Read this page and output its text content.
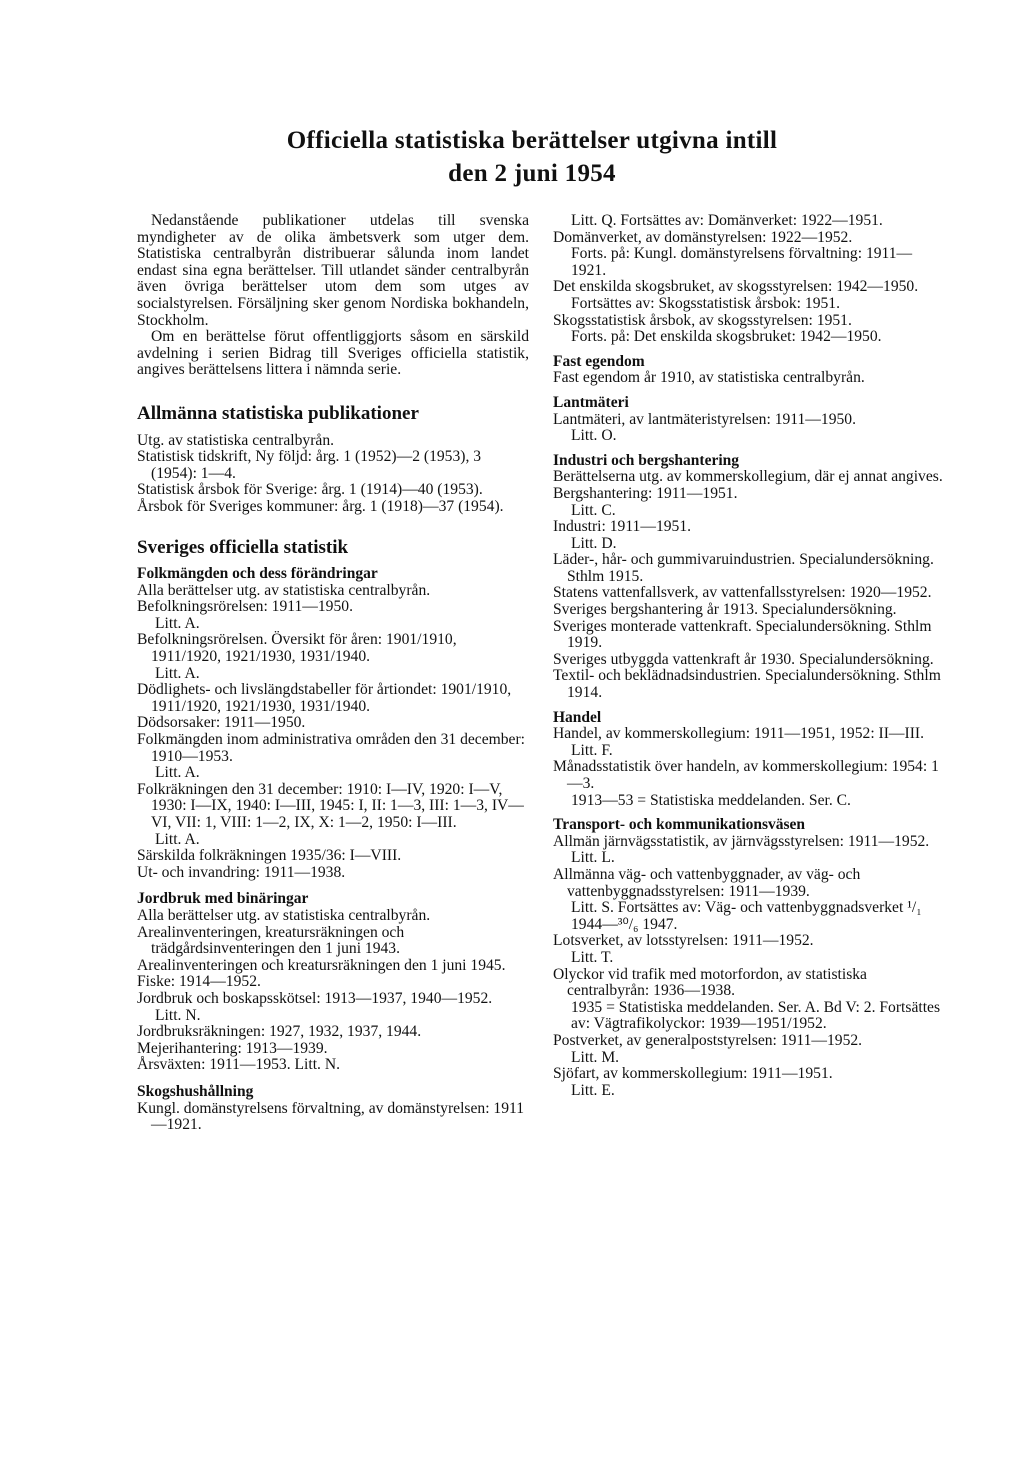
Officiella statistiska berättelser utgivna intill
den 2 juni 1954

Nedanstående publikationer utdelas till svenska myndigheter av de olika ämbetsverk som utger dem. Statistiska centralbyrån distribuerar sålunda inom landet endast sina egna berättelser. Till utlandet sänder centralbyrån även övriga berättelser utom dem som utges av socialstyrelsen. Försäljning sker genom Nordiska bokhandeln, Stockholm.

Om en berättelse förut offentliggjorts såsom en särskild avdelning i serien Bidrag till Sveriges officiella statistik, angives berättelsens littera i nämnda serie.

Allmänna statistiska publikationer

Utg. av statistiska centralbyrån.

Statistisk tidskrift, Ny följd: årg. 1 (1952)—2 (1953), 3 (1954): 1—4.

Statistisk årsbok för Sverige: årg. 1 (1914)—40 (1953).

Årsbok för Sveriges kommuner: årg. 1 (1918)—37 (1954).

Sveriges officiella statistik

Folkmängden och dess förändringar

Alla berättelser utg. av statistiska centralbyrån.

Befolkningsrörelsen: 1911—1950.

Litt. A.

Befolkningsrörelsen. Översikt för åren: 1901/1910, 1911/1920, 1921/1930, 1931/1940.

Litt. A.

Dödlighets- och livslängdstabeller för årtiondet: 1901/1910, 1911/1920, 1921/1930, 1931/1940.

Dödsorsaker: 1911—1950.

Folkmängden inom administrativa områden den 31 december: 1910—1953.

Litt. A.

Folkräkningen den 31 december: 1910: I—IV, 1920: I—V, 1930: I—IX, 1940: I—III, 1945: I, II: 1—3, III: 1—3, IV—VI, VII: 1, VIII: 1—2, IX, X: 1—2, 1950: I—III.

Litt. A.

Särskilda folkräkningen 1935/36: I—VIII.

Ut- och invandring: 1911—1938.

Jordbruk med binäringar

Alla berättelser utg. av statistiska centralbyrån.

Arealinventeringen, kreatursräkningen och trädgårdsinventeringen den 1 juni 1943.

Arealinventeringen och kreatursräkningen den 1 juni 1945.

Fiske: 1914—1952.

Jordbruk och boskapsskötsel: 1913—1937, 1940—1952.

Litt. N.

Jordbruksräkningen: 1927, 1932, 1937, 1944.

Mejerihantering: 1913—1939.

Årsväxten: 1911—1953. Litt. N.

Skogshushållning

Kungl. domänstyrelsens förvaltning, av domänstyrelsen: 1911—1921.

Litt. Q. Fortsättes av: Domänverket: 1922—1951.

Domänverket, av domänstyrelsen: 1922—1952.

Forts. på: Kungl. domänstyrelsens förvaltning: 1911—1921.

Det enskilda skogsbruket, av skogsstyrelsen: 1942—1950.

Fortsättes av: Skogsstatistisk årsbok: 1951.

Skogsstatistisk årsbok, av skogsstyrelsen: 1951.

Forts. på: Det enskilda skogsbruket: 1942—1950.

Fast egendom

Fast egendom år 1910, av statistiska centralbyrån.

Lantmäteri

Lantmäteri, av lantmäteristyrelsen: 1911—1950.

Litt. O.

Industri och bergshantering

Berättelserna utg. av kommerskollegium, där ej annat angives.

Bergshantering: 1911—1951.

Litt. C.

Industri: 1911—1951.

Litt. D.

Läder-, hår- och gummivaruindustrien. Specialundersökning. Sthlm 1915.

Statens vattenfallsverk, av vattenfallsstyrelsen: 1920—1952.

Sveriges bergshantering år 1913. Specialundersökning.

Sveriges monterade vattenkraft. Specialundersökning. Sthlm 1919.

Sveriges utbyggda vattenkraft år 1930. Specialundersökning.

Textil- och beklädnadsindustrien. Specialundersökning. Sthlm 1914.

Handel

Handel, av kommerskollegium: 1911—1951, 1952: II—III.

Litt. F.

Månadsstatistik över handeln, av kommerskollegium: 1954: 1—3.

1913—53 = Statistiska meddelanden. Ser. C.

Transport- och kommunikationsväsen

Allmän järnvägsstatistik, av järnvägsstyrelsen: 1911—1952.

Litt. L.

Allmänna väg- och vattenbyggnader, av väg- och vattenbyggnadsstyrelsen: 1911—1939.

Litt. S. Fortsättes av: Väg- och vattenbyggnadsverket ¹/₁ 1944—³⁰/₆ 1947.

Lotsverket, av lotsstyrelsen: 1911—1952.

Litt. T.

Olyckor vid trafik med motorfordon, av statistiska centralbyrån: 1936—1938.

1935 = Statistiska meddelanden. Ser. A. Bd V: 2. Fortsättes av: Vägtrafikolyckor: 1939—1951/1952.

Postverket, av generalpoststyrelsen: 1911—1952.

Litt. M.

Sjöfart, av kommerskollegium: 1911—1951.

Litt. E.
